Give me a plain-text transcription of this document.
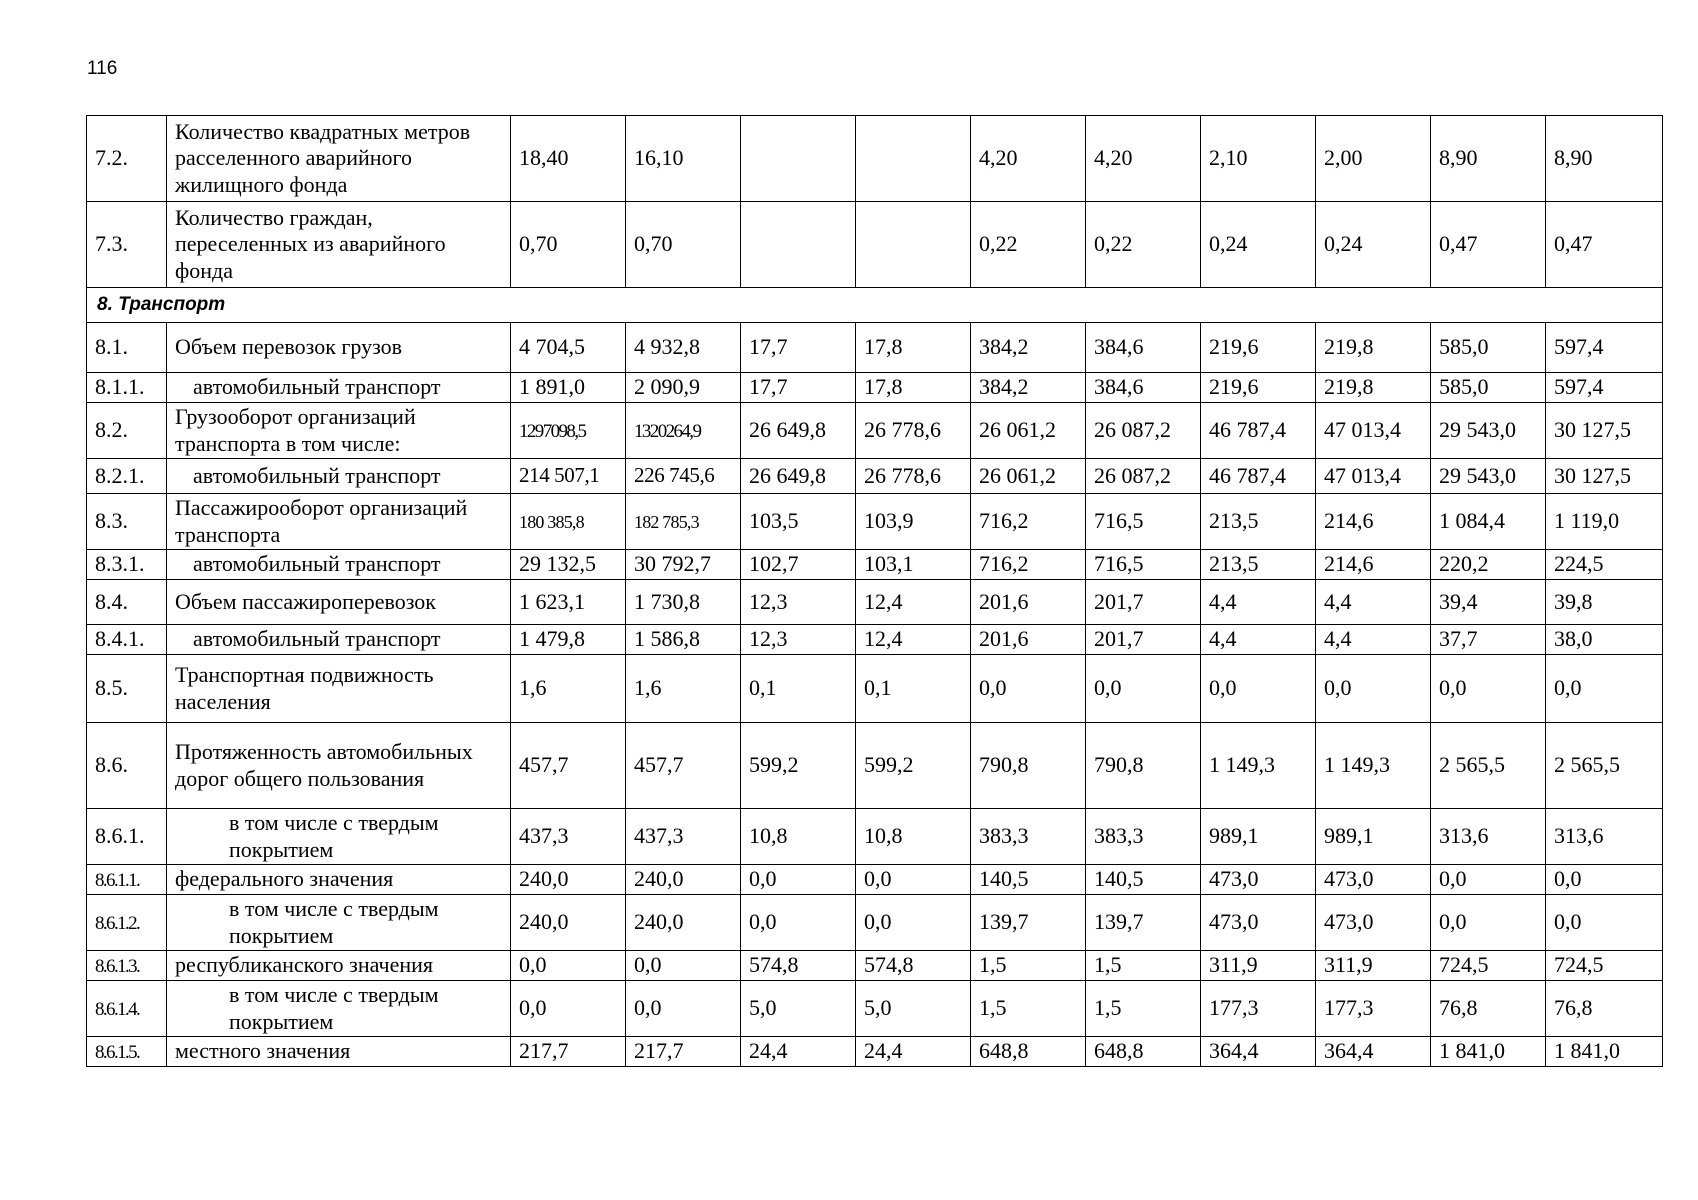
116
7.2.	Количество квадратных метров расселенного аварийного жилищного фонда	18,40	16,10			4,20	4,20	2,10	2,00	8,90	8,90
7.3.	Количество граждан, переселенных из аварийного фонда	0,70	0,70			0,22	0,22	0,24	0,24	0,47	0,47
8. Транспорт											
8.1.	Объем перевозок грузов	4 704,5	4 932,8	17,7	17,8	384,2	384,6	219,6	219,8	585,0	597,4
8.1.1.	автомобильный транспорт	1 891,0	2 090,9	17,7	17,8	384,2	384,6	219,6	219,8	585,0	597,4
8.2.	Грузооборот организаций транспорта в том числе:	1297098,5	1320264,9	26 649,8	26 778,6	26 061,2	26 087,2	46 787,4	47 013,4	29 543,0	30 127,5
8.2.1.	автомобильный транспорт	214 507,1	226 745,6	26 649,8	26 778,6	26 061,2	26 087,2	46 787,4	47 013,4	29 543,0	30 127,5
8.3.	Пассажирооборот организаций транспорта	180 385,8	182 785,3	103,5	103,9	716,2	716,5	213,5	214,6	1 084,4	1 119,0
8.3.1.	автомобильный транспорт	29 132,5	30 792,7	102,7	103,1	716,2	716,5	213,5	214,6	220,2	224,5
8.4.	Объем пассажироперевозок	1 623,1	1 730,8	12,3	12,4	201,6	201,7	4,4	4,4	39,4	39,8
8.4.1.	автомобильный транспорт	1 479,8	1 586,8	12,3	12,4	201,6	201,7	4,4	4,4	37,7	38,0
8.5.	Транспортная подвижность населения	1,6	1,6	0,1	0,1	0,0	0,0	0,0	0,0	0,0	0,0
8.6.	Протяженность автомобильных дорог общего пользования	457,7	457,7	599,2	599,2	790,8	790,8	1 149,3	1 149,3	2 565,5	2 565,5
8.6.1.	в том числе с твердым покрытием	437,3	437,3	10,8	10,8	383,3	383,3	989,1	989,1	313,6	313,6
8.6.1.1.	федерального значения	240,0	240,0	0,0	0,0	140,5	140,5	473,0	473,0	0,0	0,0
8.6.1.2.	в том числе с твердым покрытием	240,0	240,0	0,0	0,0	139,7	139,7	473,0	473,0	0,0	0,0
8.6.1.3.	республиканского значения	0,0	0,0	574,8	574,8	1,5	1,5	311,9	311,9	724,5	724,5
8.6.1.4.	в том числе с твердым покрытием	0,0	0,0	5,0	5,0	1,5	1,5	177,3	177,3	76,8	76,8
8.6.1.5.	местного значения	217,7	217,7	24,4	24,4	648,8	648,8	364,4	364,4	1 841,0	1 841,0
